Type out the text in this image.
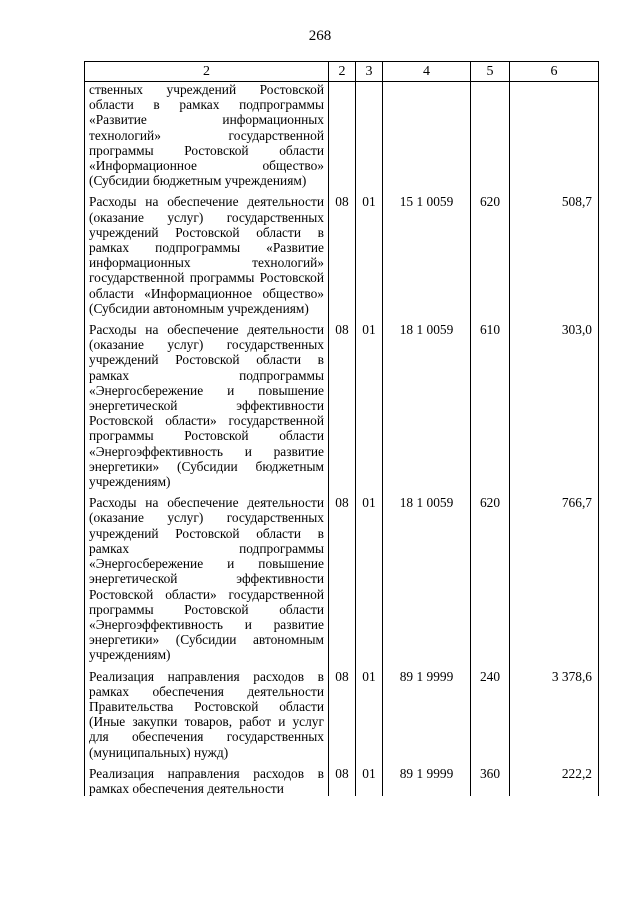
268
2	2	3	4	5	6
ственных учреждений Ростовской области в рамках подпрограммы «Развитие информационных технологий» государственной программы Ростовской области «Информационное общество» (Субсидии бюджетным учреждениям)					
Расходы на обеспечение деятельности (оказание услуг) государственных учреждений Ростовской области в рамках подпрограммы «Развитие информационных технологий» государственной программы Ростовской области «Информационное общество» (Субсидии автономным учреждениям)	08	01	15 1 0059	620	508,7
Расходы на обеспечение деятельности (оказание услуг) государственных учреждений Ростовской области в рамках подпрограммы «Энергосбережение и повышение энергетической эффективности Ростовской области» государственной программы Ростовской области «Энергоэффективность и развитие энергетики» (Субсидии бюджетным учреждениям)	08	01	18 1 0059	610	303,0
Расходы на обеспечение деятельности (оказание услуг) государственных учреждений Ростовской области в рамках подпрограммы «Энергосбережение и повышение энергетической эффективности Ростовской области» государственной программы Ростовской области «Энергоэффективность и развитие энергетики» (Субсидии автономным учреждениям)	08	01	18 1 0059	620	766,7
Реализация направления расходов в рамках обеспечения деятельности Правительства Ростовской области (Иные закупки товаров, работ и услуг для обеспечения государственных (муниципальных) нужд)	08	01	89 1 9999	240	3 378,6
Реализация направления расходов в рамках обеспечения деятельности	08	01	89 1 9999	360	222,2
